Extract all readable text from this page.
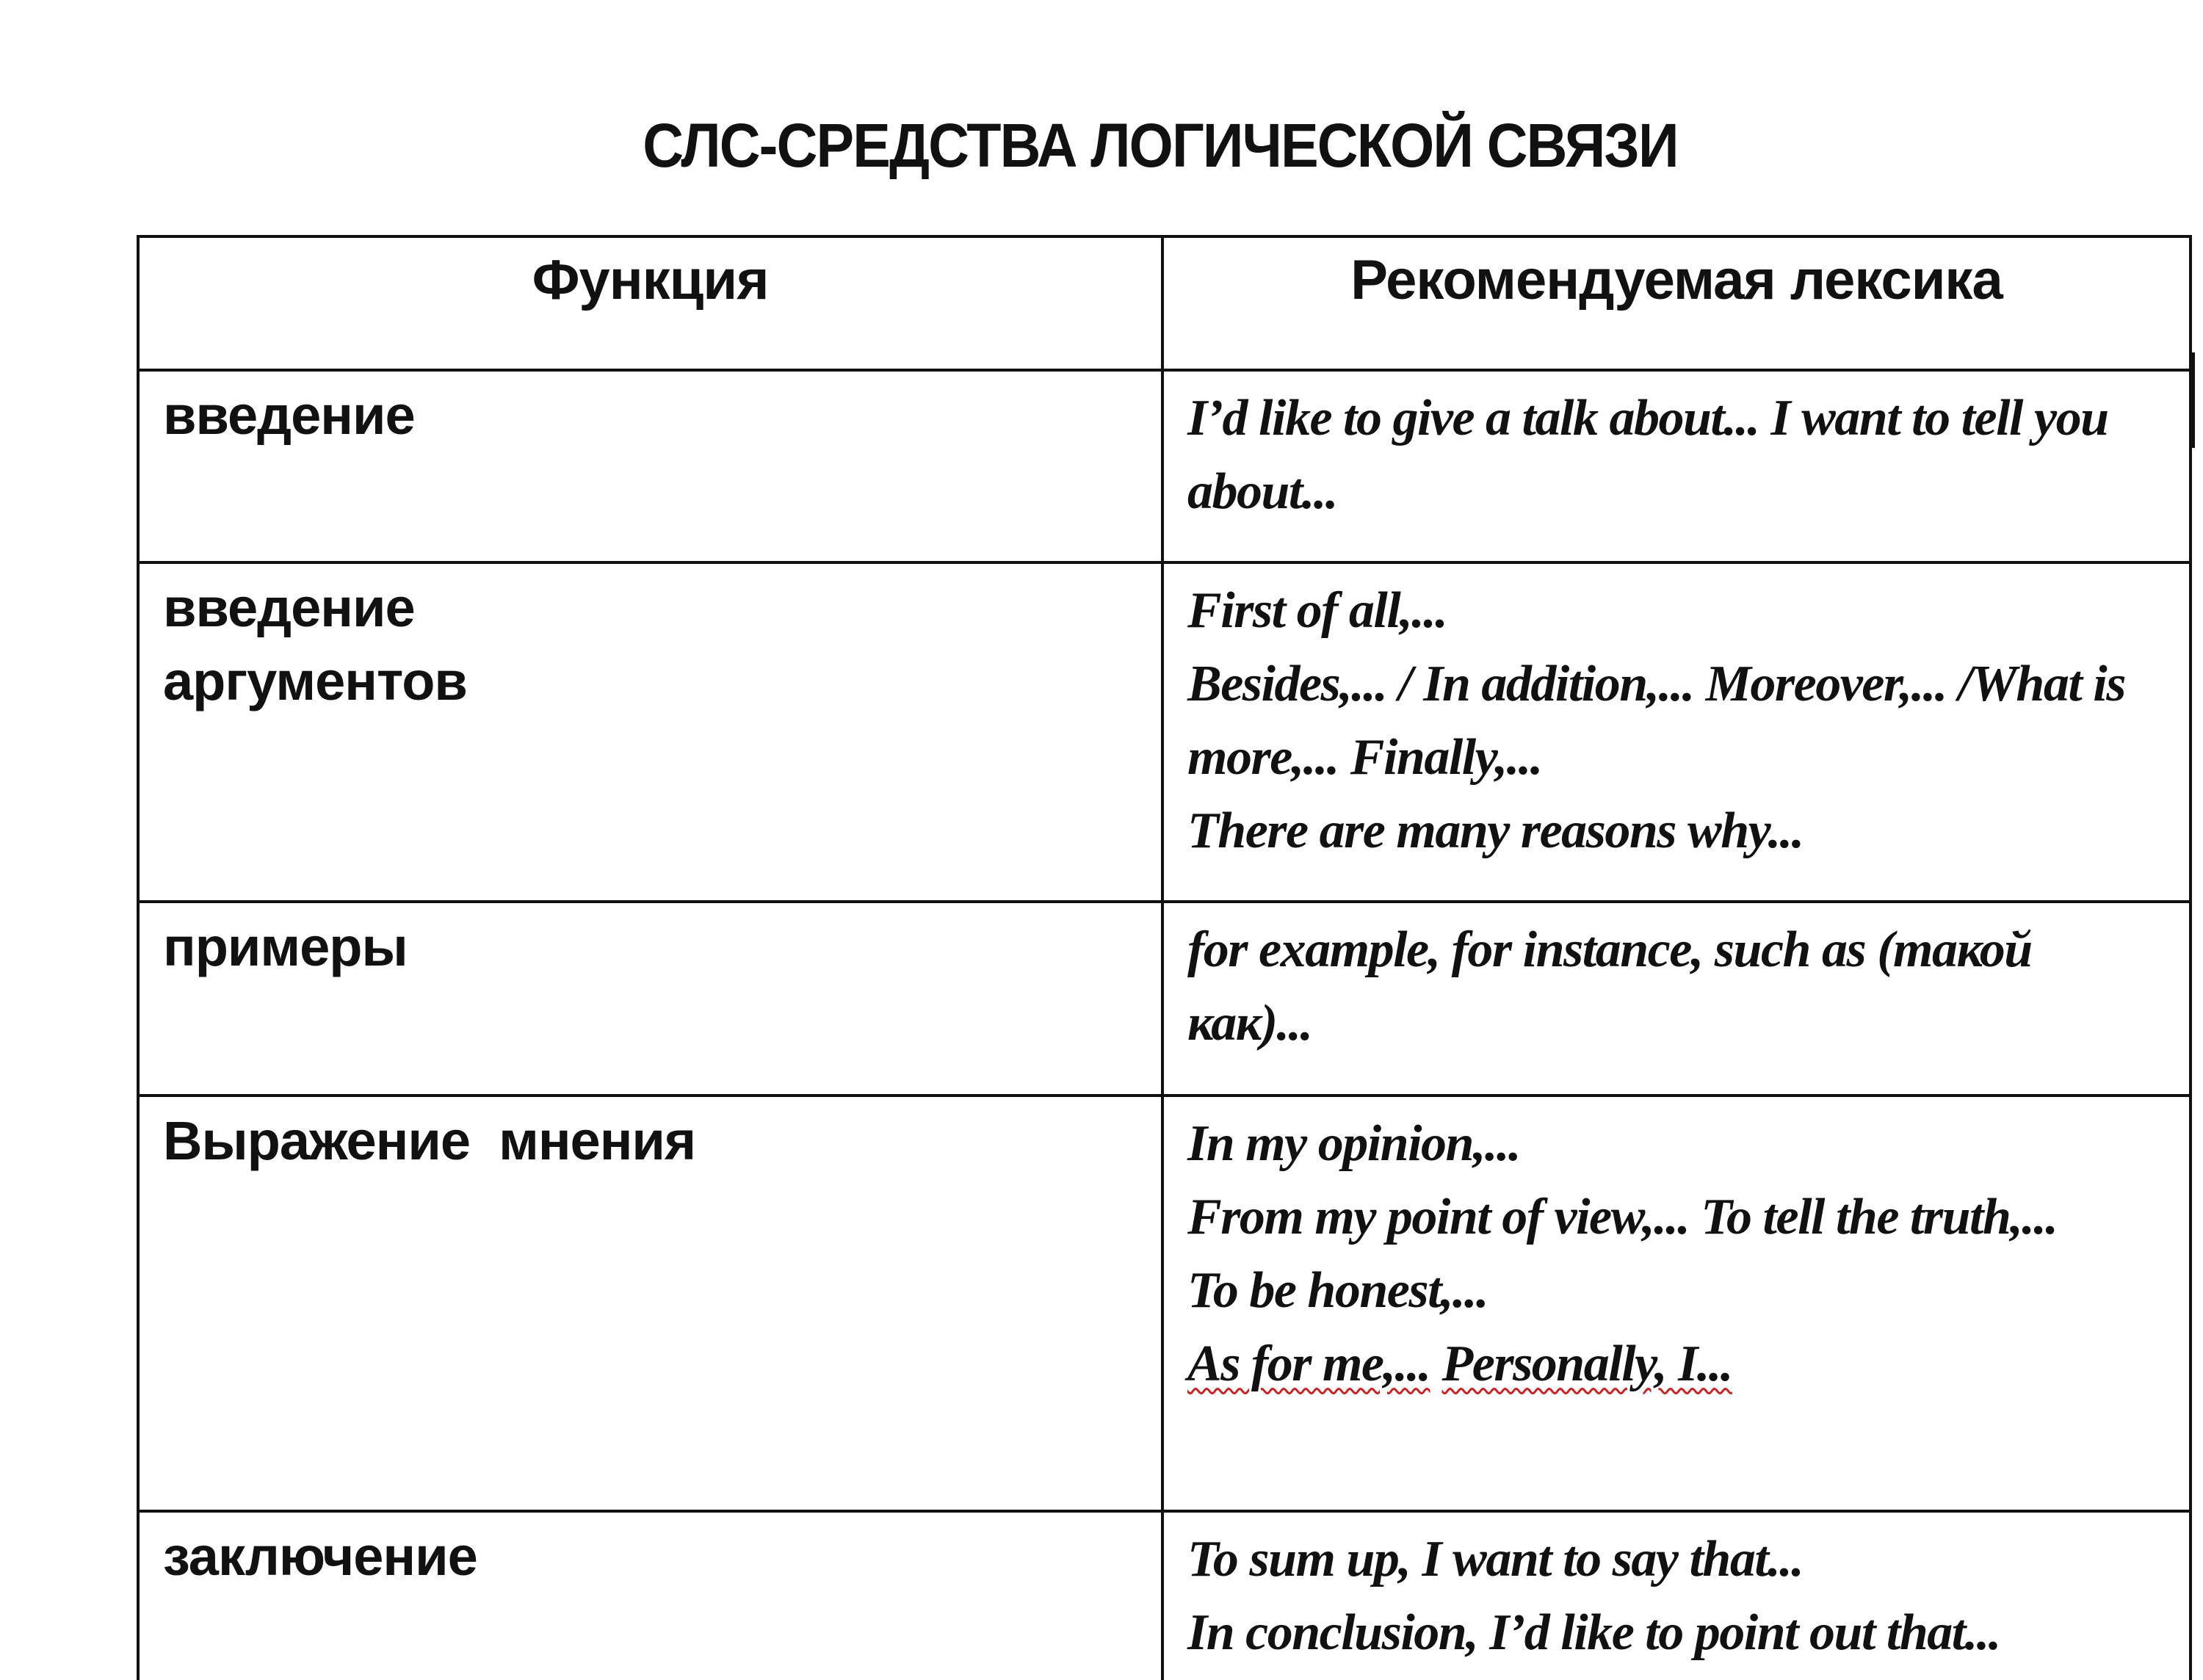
СЛС-СРЕДСТВА ЛОГИЧЕСКОЙ СВЯЗИ
Функция	Рекомендуемая лексика

введение	I’d like to give a talk about... I want to tell you
about...

введение
аргументов	First of all,...
Besides,... / In addition,... Moreover,... /What is
more,... Finally,...
There are many reasons why...

примеры	for example, for instance, such as (такой
как)...

Выражение  мнения	In my opinion,...
From my point of view,... To tell the truth,...
To be honest,...
As for me,... Personally, I...

заключение	To sum up, I want to say that...
In conclusion, I’d like to point out that...
